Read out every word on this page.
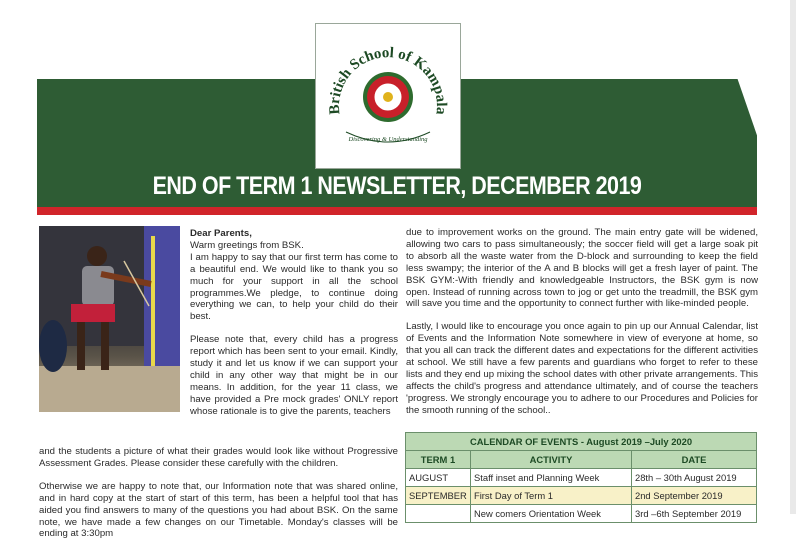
END OF TERM 1 NEWSLETTER, DECEMBER 2019
British School of Kampala
Discovering & Understanding

Dear Parents,
Warm greetings from BSK.
I am happy to say that our first term has come to a beautiful end. We would like to thank you so much for your support in all the school programmes.We pledge, to continue doing everything we can, to help your child do their best.

Please note that, every child has a progress report which has been sent to your email. Kindly, study it and let us know if we can support your child in any other way that might be in our means. In addition, for the year 11 class, we have provided a Pre mock grades' ONLY report whose rationale is to give the parents, teachers

and the students a picture of what their grades would look like without Progressive Assessment Grades. Please consider these carefully with the children.

Otherwise we are happy to note that, our Information note that was shared online, and in hard copy at the start of start of this term, has been a helpful tool that has aided you find answers to many of the questions you had about BSK. On the same note, we have made a few changes on our Timetable. Monday's classes will be ending at 3:30pm

due to improvement works on the ground. The main entry gate will be widened, allowing two cars to pass simultaneously; the soccer field will get a large soak pit to absorb all the waste water from the D-block and surrounding to keep the field less swampy; the interior of the A and B blocks will get a fresh layer of paint. The BSK GYM:-With friendly and knowledgeable Instructors, the BSK gym is now open. Instead of running across town to jog or get unto the treadmill, the BSK gym will save you time and the opportunity to connect further with like-minded people.

Lastly, I would like to encourage you once again to pin up our Annual Calendar, list of Events and the Information Note somewhere in view of everyone at home, so that you all can track the different dates and expectations for the different activities at school. We still have a few parents and guardians who forget to refer to these lists and they end up mixing the school dates with other private arrangements. This affects the child's progress and attendance ultimately, and of course the teachers 'progress. We strongly encourage you to adhere to our Procedures and Policies for the smooth running of the school..

CALENDAR OF EVENTS - August 2019 –July 2020		
TERM 1	ACTIVITY	DATE
AUGUST	Staff inset and Planning Week	28th – 30th August 2019
SEPTEMBER	First Day of Term 1	2nd September 2019
	New comers Orientation Week	3rd –6th September 2019
